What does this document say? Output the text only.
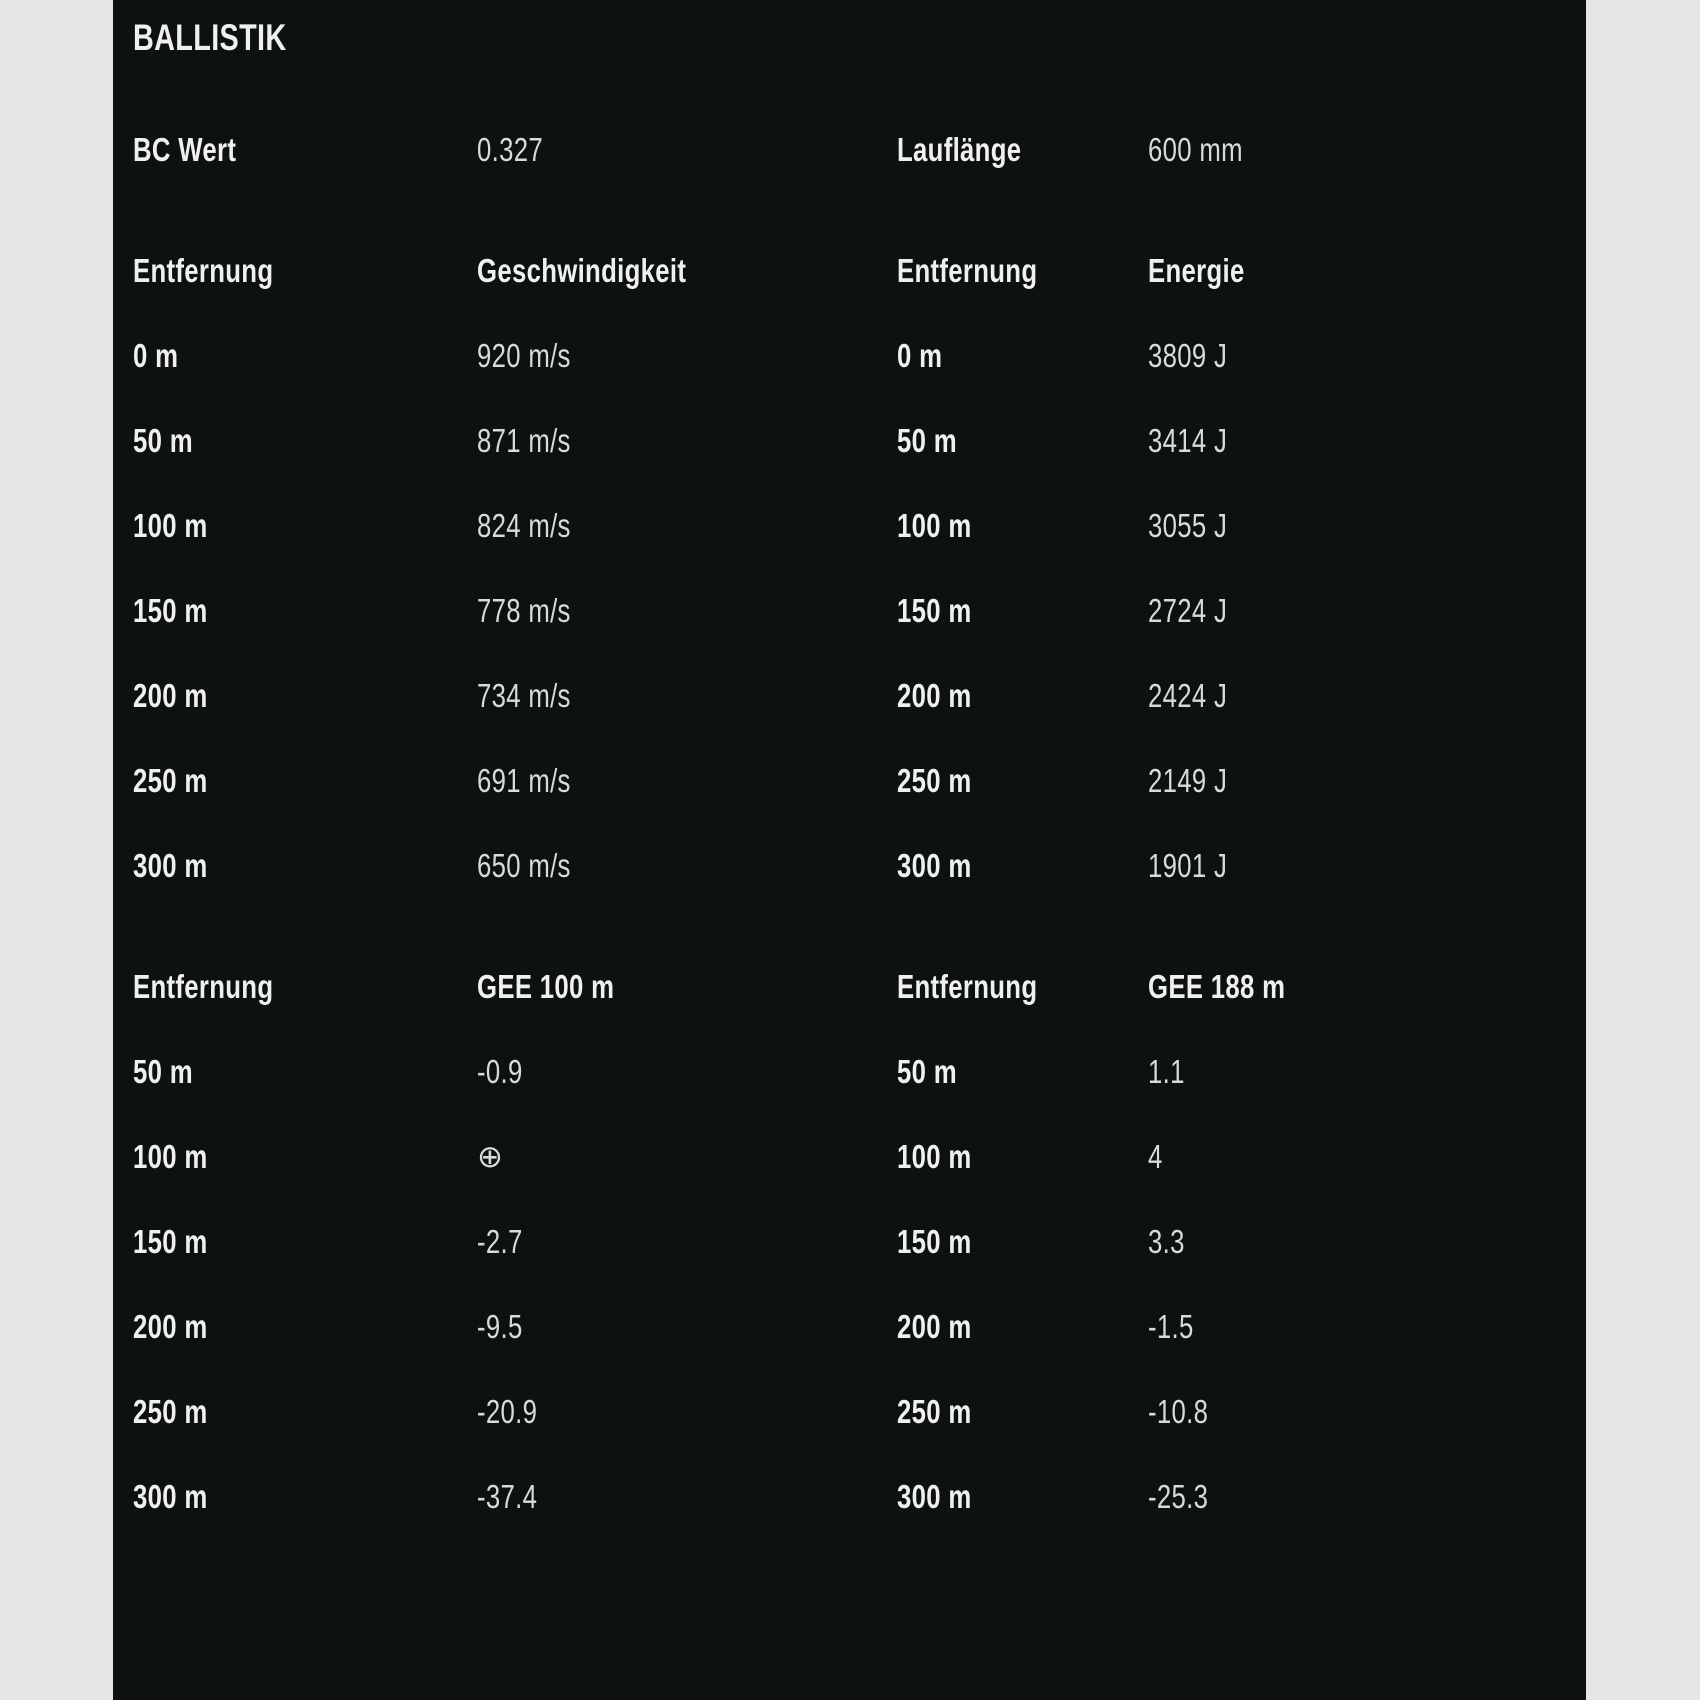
BALLISTIK
BC Wert	0.327	Lauflänge	600 mm
Entfernung	Geschwindigkeit	Entfernung	Energie
0 m	920 m/s	0 m	3809 J
50 m	871 m/s	50 m	3414 J
100 m	824 m/s	100 m	3055 J
150 m	778 m/s	150 m	2724 J
200 m	734 m/s	200 m	2424 J
250 m	691 m/s	250 m	2149 J
300 m	650 m/s	300 m	1901 J
Entfernung	GEE 100 m	Entfernung	GEE 188 m
50 m	-0.9	50 m	1.1
100 m	⊕	100 m	4
150 m	-2.7	150 m	3.3
200 m	-9.5	200 m	-1.5
250 m	-20.9	250 m	-10.8
300 m	-37.4	300 m	-25.3
